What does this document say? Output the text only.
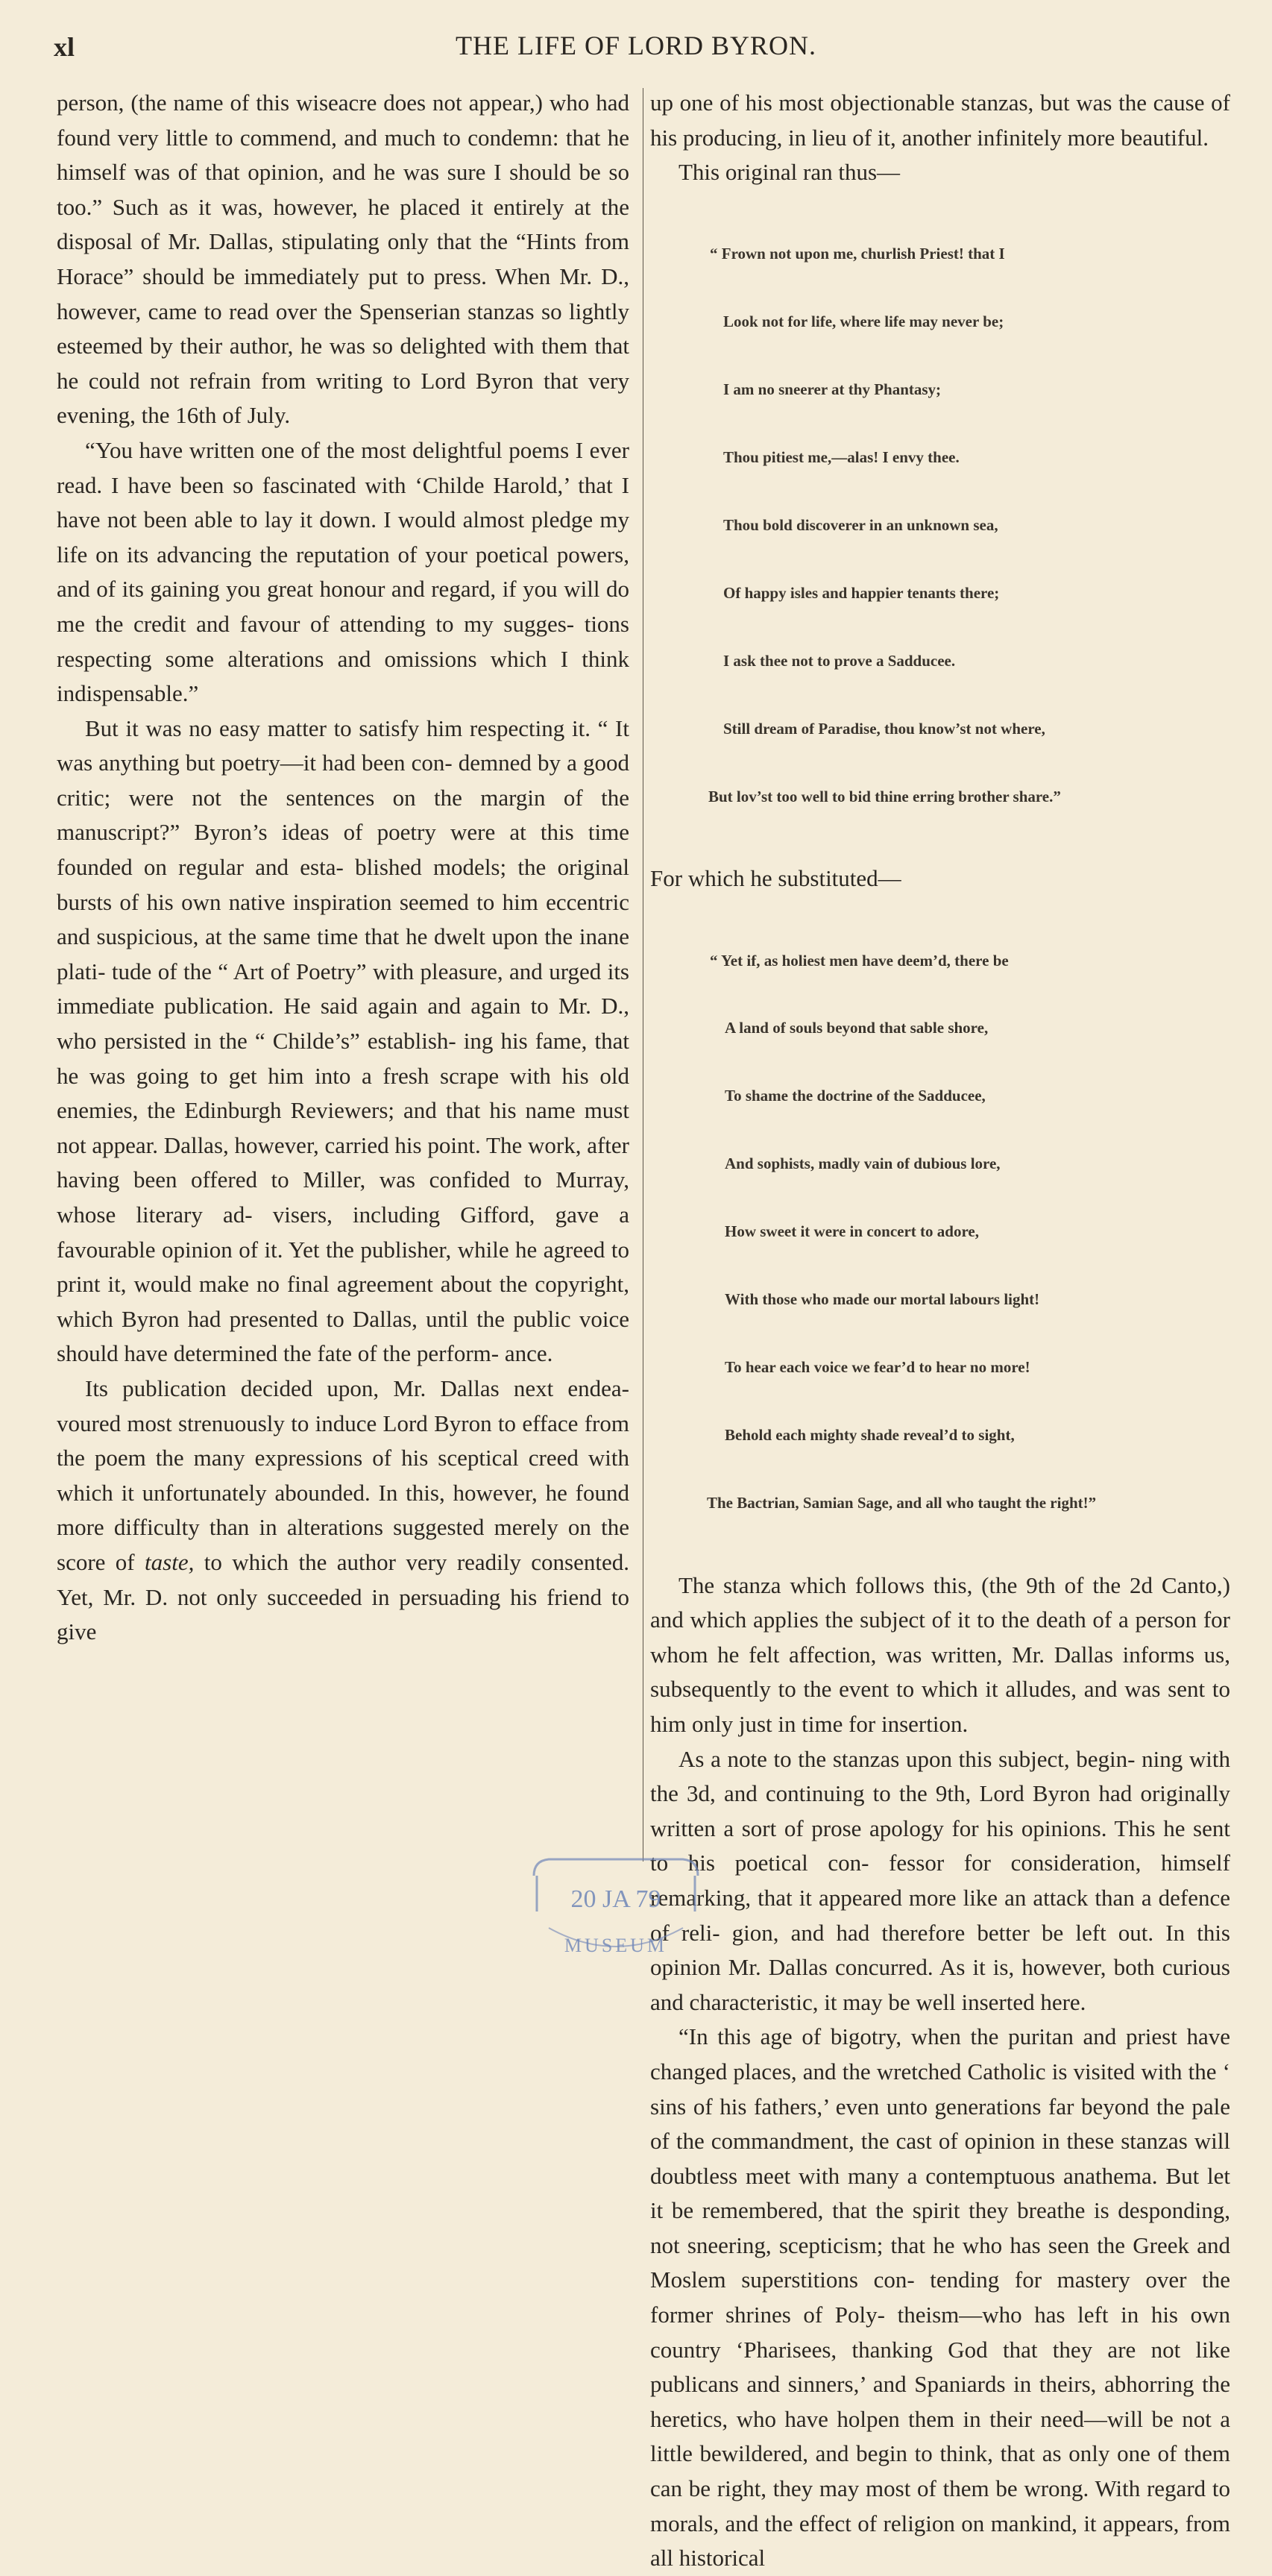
xl	THE LIFE OF LORD BYRON.

person, (the name of this wiseacre does not appear,) who had found very little to commend, and much to condemn: that he himself was of that opinion, and he was sure I should be so too.” Such as it was, however, he placed it entirely at the disposal of Mr. Dallas, stipulating only that the “Hints from Horace” should be immediately put to press. When Mr. D., however, came to read over the Spenserian stanzas so lightly esteemed by their author, he was so delighted with them that he could not refrain from writing to Lord Byron that very evening, the 16th of July.

“You have written one of the most delightful poems I ever read. I have been so fascinated with ‘Childe Harold,’ that I have not been able to lay it down. I would almost pledge my life on its advancing the reputation of your poetical powers, and of its gaining you great honour and regard, if you will do me the credit and favour of attending to my sugges- tions respecting some alterations and omissions which I think indispensable.”

But it was no easy matter to satisfy him respecting it. “ It was anything but poetry—it had been con- demned by a good critic; were not the sentences on the margin of the manuscript?” Byron’s ideas of poetry were at this time founded on regular and esta- blished models; the original bursts of his own native inspiration seemed to him eccentric and suspicious, at the same time that he dwelt upon the inane plati- tude of the “ Art of Poetry” with pleasure, and urged its immediate publication. He said again and again to Mr. D., who persisted in the “ Childe’s” establish- ing his fame, that he was going to get him into a fresh scrape with his old enemies, the Edinburgh Reviewers; and that his name must not appear. Dallas, however, carried his point. The work, after having been offered to Miller, was confided to Murray, whose literary ad- visers, including Gifford, gave a favourable opinion of it. Yet the publisher, while he agreed to print it, would make no final agreement about the copyright, which Byron had presented to Dallas, until the public voice should have determined the fate of the perform- ance.

Its publication decided upon, Mr. Dallas next endea- voured most strenuously to induce Lord Byron to efface from the poem the many expressions of his sceptical creed with which it unfortunately abounded. In this, however, he found more difficulty than in alterations suggested merely on the score of taste, to which the author very readily consented. Yet, Mr. D. not only succeeded in persuading his friend to give

up one of his most objectionable stanzas, but was the cause of his producing, in lieu of it, another infinitely more beautiful.

This original ran thus—

“ Frown not upon me, churlish Priest! that I

Look not for life, where life may never be;

I am no sneerer at thy Phantasy;

Thou pitiest me,—alas! I envy thee.

Thou bold discoverer in an unknown sea,

Of happy isles and happier tenants there;

I ask thee not to prove a Sadducee.

Still dream of Paradise, thou know’st not where,

But lov’st too well to bid thine erring brother share.”

For which he substituted—

“ Yet if, as holiest men have deem’d, there be

A land of souls beyond that sable shore,

To shame the doctrine of the Sadducee,

And sophists, madly vain of dubious lore,

How sweet it were in concert to adore,

With those who made our mortal labours light!

To hear each voice we fear’d to hear no more!

Behold each mighty shade reveal’d to sight,

The Bactrian, Samian Sage, and all who taught the right!”

The stanza which follows this, (the 9th of the 2d Canto,) and which applies the subject of it to the death of a person for whom he felt affection, was written, Mr. Dallas informs us, subsequently to the event to which it alludes, and was sent to him only just in time for insertion.

As a note to the stanzas upon this subject, begin- ning with the 3d, and continuing to the 9th, Lord Byron had originally written a sort of prose apology for his opinions. This he sent to his poetical con- fessor for consideration, himself remarking, that it appeared more like an attack than a defence of reli- gion, and had therefore better be left out. In this opinion Mr. Dallas concurred. As it is, however, both curious and characteristic, it may be well inserted here.

“In this age of bigotry, when the puritan and priest have changed places, and the wretched Catholic is visited with the ‘ sins of his fathers,’ even unto generations far beyond the pale of the commandment, the cast of opinion in these stanzas will doubtless meet with many a contemptuous anathema. But let it be remembered, that the spirit they breathe is desponding, not sneering, scepticism; that he who has seen the Greek and Moslem superstitions con- tending for mastery over the former shrines of Poly- theism—who has left in his own country ‘Pharisees, thanking God that they are not like publicans and sinners,’ and Spaniards in theirs, abhorring the heretics, who have holpen them in their need—will be not a little bewildered, and begin to think, that as only one of them can be right, they may most of them be wrong. With regard to morals, and the effect of religion on mankind, it appears, from all historical

20 JA 79
MUSEUM
